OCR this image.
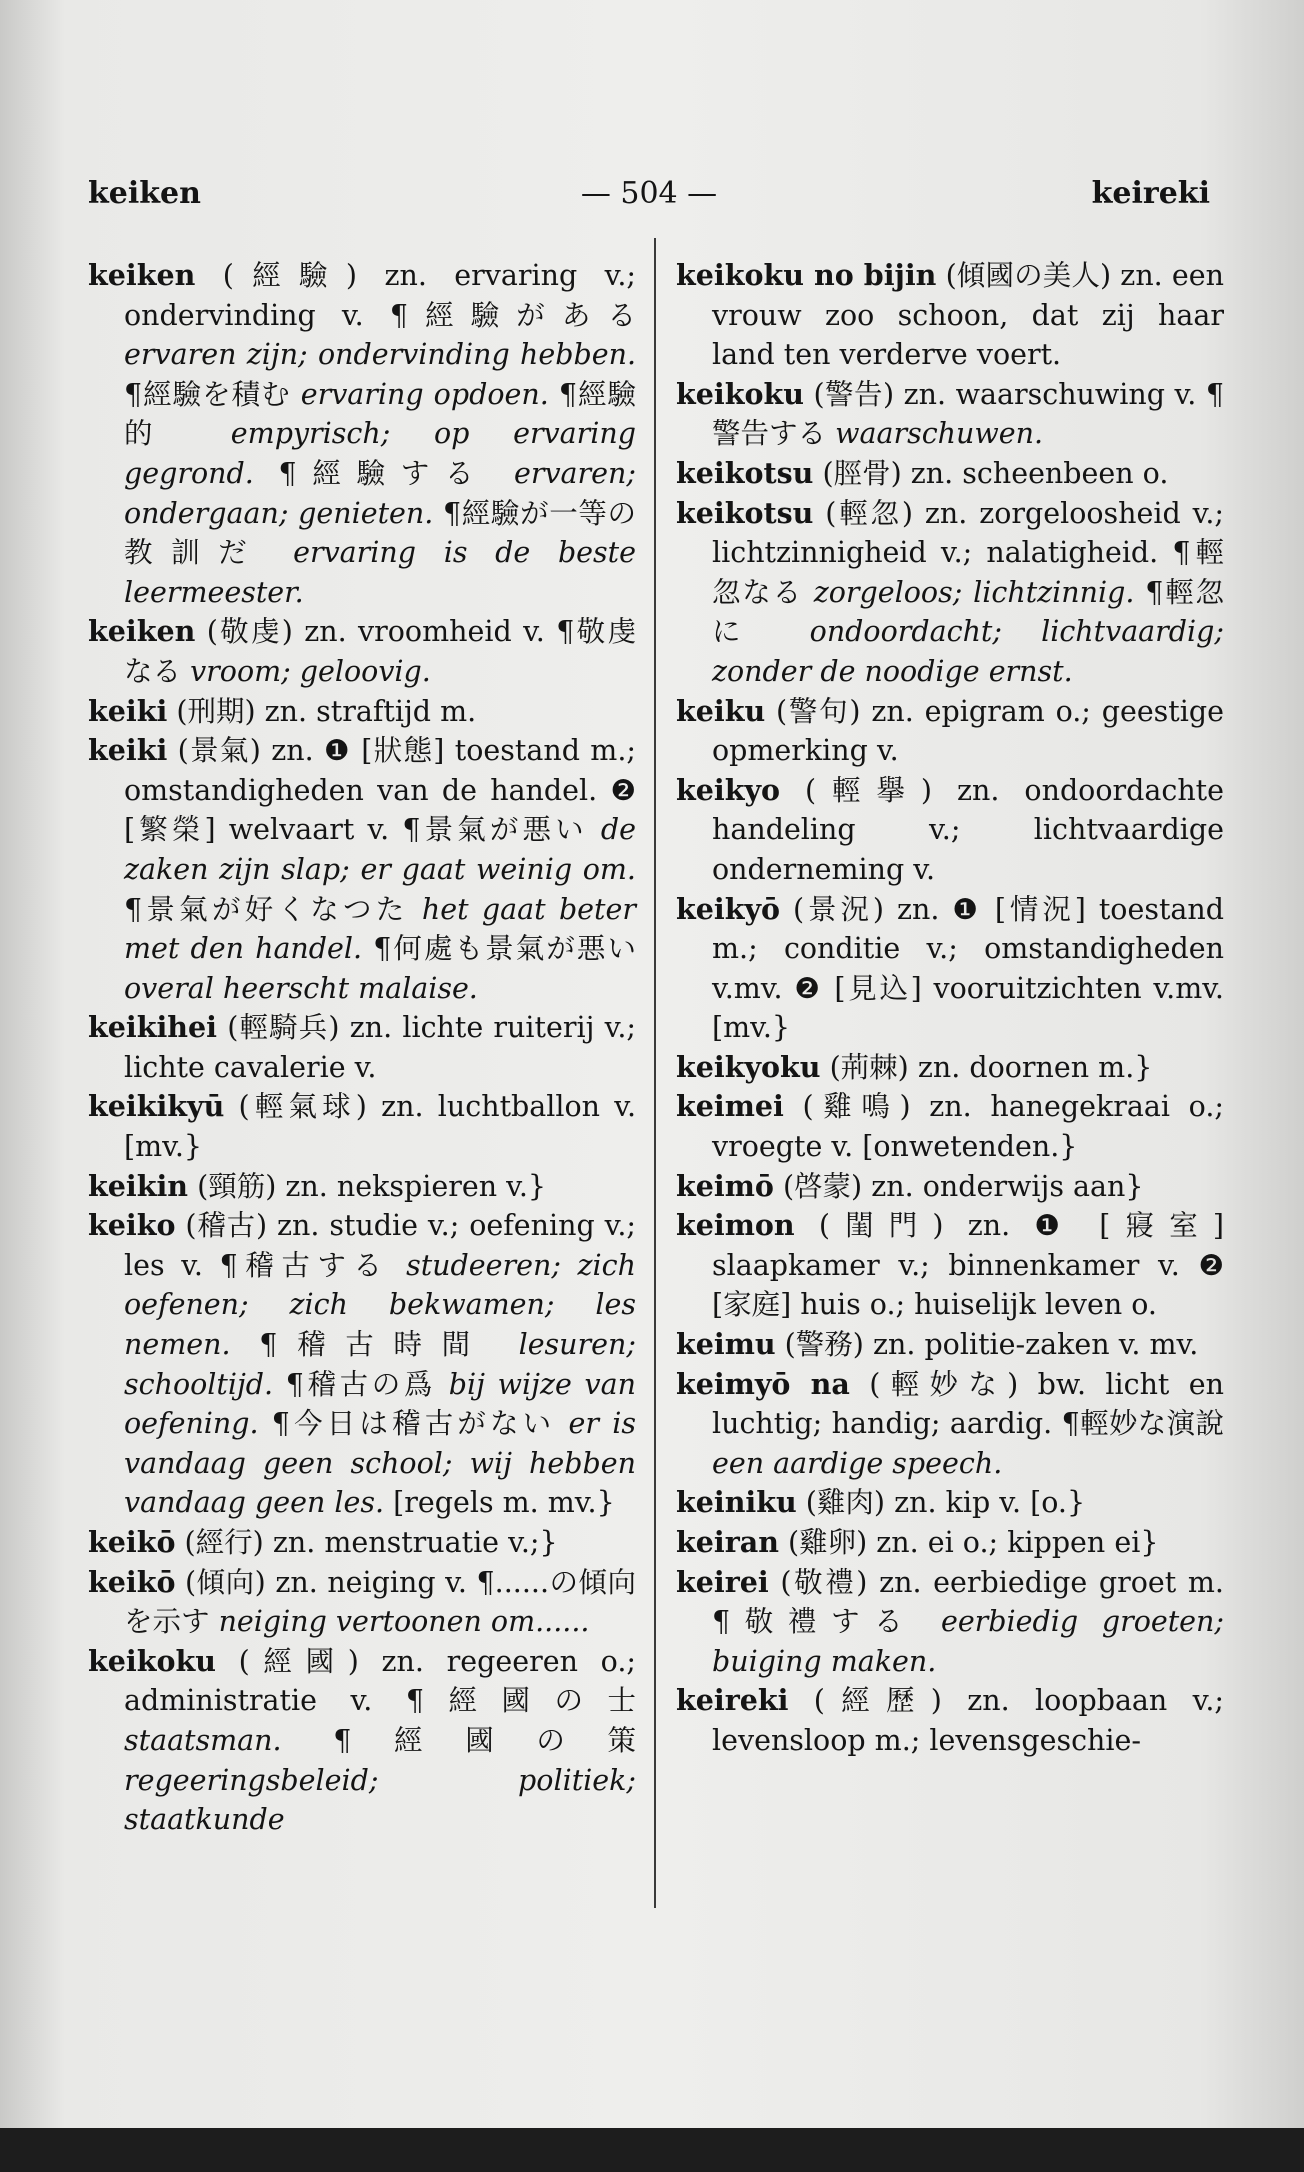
keiken	— 504 —	keireki
keiken (經驗) zn. ervaring v.; ondervinding v. ¶經驗がある ervaren zijn; ondervinding hebben. ¶經驗を積む ervaring opdoen. ¶經驗的 empyrisch; op ervaring gegrond. ¶經驗する ervaren; ondergaan; genieten. ¶經驗が一等の教訓だ ervaring is de beste leermeester.
keiken (敬虔) zn. vroomheid v. ¶敬虔なる vroom; geloovig.
keiki (刑期) zn. straftijd m.
keiki (景氣) zn. ❶ [狀態] toestand m.; omstandigheden van de handel. ❷ [繁榮] welvaart v. ¶景氣が悪い de zaken zijn slap; er gaat weinig om. ¶景氣が好くなつた het gaat beter met den handel. ¶何處も景氣が悪い overal heerscht malaise.
keikihei (輕騎兵) zn. lichte ruiterij v.; lichte cavalerie v.
keikikyū (輕氣球) zn. luchtballon v. [mv.}
keikin (頸筋) zn. nekspieren v.}
keiko (稽古) zn. studie v.; oefening v.; les v. ¶稽古する studeeren; zich oefenen; zich bekwamen; les nemen. ¶稽古時間 lesuren; schooltijd. ¶稽古の爲 bij wijze van oefening. ¶今日は稽古がない er is vandaag geen school; wij hebben vandaag geen les. [regels m. mv.}
keikō (經行) zn. menstruatie v.;}
keikō (傾向) zn. neiging v. ¶......の傾向を示す neiging vertoonen om......
keikoku (經國) zn. regeeren o.; administratie v. ¶經國の士 staatsman. ¶經國の策 regeeringsbeleid; politiek; staatkunde
keikoku no bijin (傾國の美人) zn. een vrouw zoo schoon, dat zij haar land ten verderve voert.
keikoku (警告) zn. waarschuwing v. ¶警告する waarschuwen.
keikotsu (脛骨) zn. scheenbeen o.
keikotsu (輕忽) zn. zorgeloosheid v.; lichtzinnigheid v.; nalatigheid. ¶輕忽なる zorgeloos; lichtzinnig. ¶輕忽に ondoordacht; lichtvaardig; zonder de noodige ernst.
keiku (警句) zn. epigram o.; geestige opmerking v.
keikyo (輕擧) zn. ondoordachte handeling v.; lichtvaardige onderneming v.
keikyō (景況) zn. ❶ [情況] toestand m.; conditie v.; omstandigheden v.mv. ❷ [見込] vooruitzichten v.mv. [mv.}
keikyoku (荊棘) zn. doornen m.}
keimei (雞鳴) zn. hanegekraai o.; vroegte v. [onwetenden.}
keimō (啓蒙) zn. onderwijs aan}
keimon (閨門) zn. ❶ [寢室] slaapkamer v.; binnenkamer v. ❷ [家庭] huis o.; huiselijk leven o.
keimu (警務) zn. politie-zaken v. mv.
keimyō na (輕妙な) bw. licht en luchtig; handig; aardig. ¶輕妙な演說 een aardige speech.
keiniku (雞肉) zn. kip v. [o.}
keiran (雞卵) zn. ei o.; kippen ei}
keirei (敬禮) zn. eerbiedige groet m. ¶敬禮する eerbiedig groeten; buiging maken.
keireki (經歷) zn. loopbaan v.; levensloop m.; levensgeschie-
